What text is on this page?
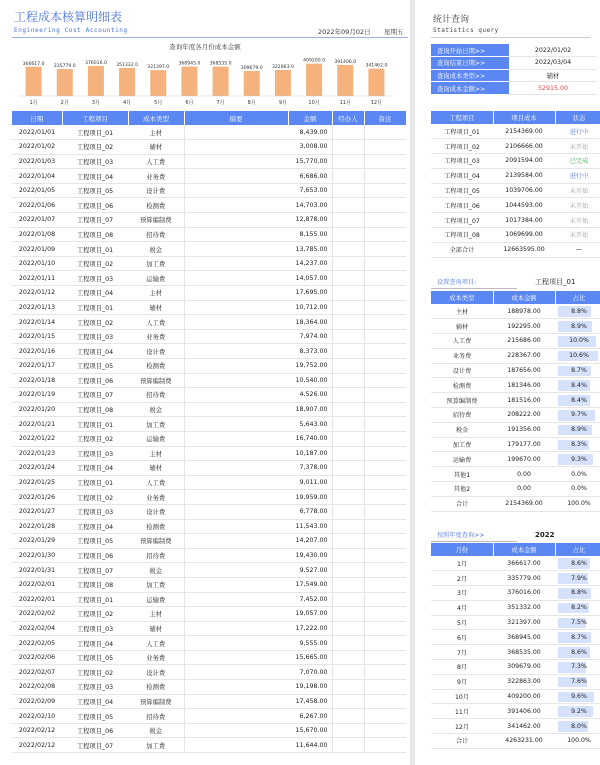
工程成本核算明细表
Engineering Cost Accounting	2022年09月02日 星期五
查询年度各月份成本金额
366617.0
1月
335779.0
2月
376016.0
3月
351332.0
4月
321397.0
5月
368945.0
6月
368535.0
7月
309679.0
8月
322863.0
9月
409200.0
10月
391406.0
11月
341462.0
12月
日期	工程项目	成本类型	摘要	金额	经办人	备注
2022/01/01	工程项目_01	主材		8,439.00		
2022/01/02	工程项目_02	辅材		3,008.00		
2022/01/03	工程项目_03	人工费		15,770.00		
2022/01/04	工程项目_04	业务费		6,686.00		
2022/01/05	工程项目_05	设计费		7,653.00		
2022/01/06	工程项目_06	检测费		14,703.00		
2022/01/07	工程项目_07	预算编制费		12,878.00		
2022/01/08	工程项目_08	招待费		8,155.00		
2022/01/09	工程项目_01	税金		13,785.00		
2022/01/10	工程项目_02	加工费		14,237.00		
2022/01/11	工程项目_03	运输费		14,057.00		
2022/01/12	工程项目_04	主材		17,695.00		
2022/01/13	工程项目_01	辅材		10,712.00		
2022/01/14	工程项目_02	人工费		18,364.00		
2022/01/15	工程项目_03	业务费		7,974.00		
2022/01/16	工程项目_04	设计费		8,373.00		
2022/01/17	工程项目_05	检测费		19,752.00		
2022/01/18	工程项目_06	预算编制费		10,540.00		
2022/01/19	工程项目_07	招待费		4,526.00		
2022/01/20	工程项目_08	税金		18,907.00		
2022/01/21	工程项目_01	加工费		5,643.00		
2022/01/22	工程项目_02	运输费		16,740.00		
2022/01/23	工程项目_03	主材		10,187.00		
2022/01/24	工程项目_04	辅材		7,378.00		
2022/01/25	工程项目_01	人工费		9,011.00		
2022/01/26	工程项目_02	业务费		19,959.00		
2022/01/27	工程项目_03	设计费		6,778.00		
2022/01/28	工程项目_04	检测费		11,543.00		
2022/01/29	工程项目_05	预算编制费		14,207.00		
2022/01/30	工程项目_06	招待费		19,430.00		
2022/01/31	工程项目_07	税金		9,527.00		
2022/02/01	工程项目_08	加工费		17,549.00		
2022/02/01	工程项目_01	运输费		7,452.00		
2022/02/02	工程项目_02	主材		19,057.00		
2022/02/04	工程项目_03	辅材		17,222.00		
2022/02/05	工程项目_04	人工费		9,555.00		
2022/02/06	工程项目_05	业务费		15,665.00		
2022/02/07	工程项目_02	设计费		7,070.00		
2022/02/08	工程项目_03	检测费		19,198.00		
2022/02/09	工程项目_04	预算编制费		17,458.00		
2022/02/10	工程项目_05	招待费		6,267.00		
2022/02/12	工程项目_06	税金		15,670.00		
2022/02/12	工程项目_07	加工费		11,644.00		
统计查询
Statistics query
查询开始日期>>	2022/01/02
查询结束日期>>	2022/03/04
查询成本类型>>	辅材
查询成本金额>>	52915.00
工程项目	项目成本	状态
工程项目_01	2154369.00	进行中
工程项目_02	2106666.00	未开始
工程项目_03	2091594.00	已完成
工程项目_04	2139584.00	进行中
工程项目_05	1039706.00	未开始
工程项目_06	1044593.00	未开始
工程项目_07	1017384.00	未开始
工程项目_08	1069699.00	未开始
全部合计	12663595.00	—
设置查询项目:	工程项目_01
成本类型	成本金额	占比
主材	188978.00	8.8%
辅材	192295.00	8.9%
人工费	215686.00	10.0%
业务费	228367.00	10.6%
设计费	187656.00	8.7%
检测费	181346.00	8.4%
预算编制费	181516.00	8.4%
招待费	208222.00	9.7%
税金	191356.00	8.9%
加工费	179177.00	8.3%
运输费	199670.00	9.3%
其他1	0.00	0.0%
其他2	0.00	0.0%
合计	2154369.00	100.0%
按照年度查询>>	2022
月份	成本金额	占比
1月	366617.00	8.6%
2月	335779.00	7.9%
3月	376016.00	8.8%
4月	351332.00	8.2%
5月	321397.00	7.5%
6月	368945.00	8.7%
7月	368535.00	8.6%
8月	309679.00	7.3%
9月	322863.00	7.6%
10月	409200.00	9.6%
11月	391406.00	9.2%
12月	341462.00	8.0%
合计	4263231.00	100.0%
